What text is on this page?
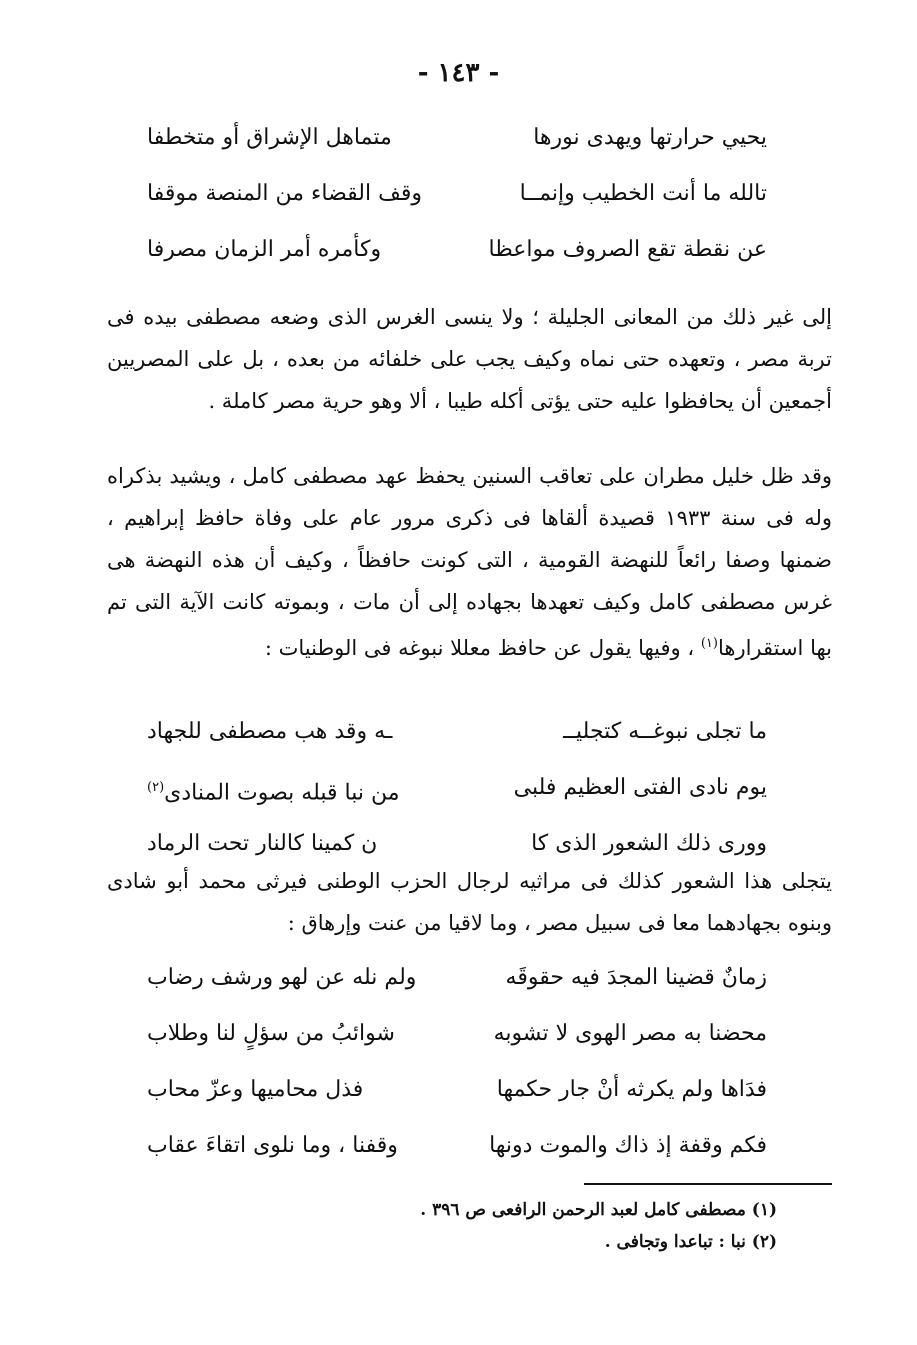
- ١٤٣ -
يحيي حرارتها ويهدى نورها
متماهل الإشراق أو متخطفا
تالله ما أنت الخطيب وإنمــا
وقف القضاء من المنصة موقفا
عن نقطة تقع الصروف مواعظا
وكأمره أمر الزمان مصرفا

إلى غير ذلك من المعانى الجليلة ؛ ولا ينسى الغرس الذى وضعه مصطفى بيده فى تربة مصر ، وتعهده حتى نماه وكيف يجب على خلفائه من بعده ، بل على المصريين أجمعين أن يحافظوا عليه حتى يؤتى أكله طيبا ، ألا وهو حرية مصر كاملة .

وقد ظل خليل مطران على تعاقب السنين يحفظ عهد مصطفى كامل ، ويشيد بذكراه وله فى سنة ١٩٣٣ قصيدة ألقاها فى ذكرى مرور عام على وفاة حافظ إبراهيم ، ضمنها وصفا رائعاً للنهضة القومية ، التى كونت حافظاً ، وكيف أن هذه النهضة هى غرس مصطفى كامل وكيف تعهدها بجهاده إلى أن مات ، وبموته كانت الآية التى تم بها استقرارها$^{(١)}$ ، وفيها يقول عن حافظ معللا نبوغه فى الوطنيات :

ما تجلى نبوغــه كتجليــ
ـه وقد هب مصطفى للجهاد
يوم نادى الفتى العظيم فلبى
من نبا قبله بصوت المنادى$^{(٢)}$
وورى ذلك الشعور الذى كا
ن كمينا كالنار تحت الرماد

يتجلى هذا الشعور كذلك فى مراثيه لرجال الحزب الوطنى فيرثى محمد أبو شادى وبنوه بجهادهما معا فى سبيل مصر ، وما لاقيا من عنت وإرهاق :

زمانٌ قضينا المجدَ فيه حقوقَه
ولم نله عن لهو ورشف رضاب
محضنا به مصر الهوى لا تشوبه
شوائبُ من سؤلٍ لنا وطلاب
فدَاها ولم يكرثه أنْ جار حكمها
فذل محاميها وعزّ محاب
فكم وقفة إذ ذاك والموت دونها
وقفنا ، وما نلوى اتقاءَ عقاب
(١) مصطفى كامل لعبد الرحمن الرافعى ص ٣٩٦ .
(٢) نبا : تباعدا وتجافى .
